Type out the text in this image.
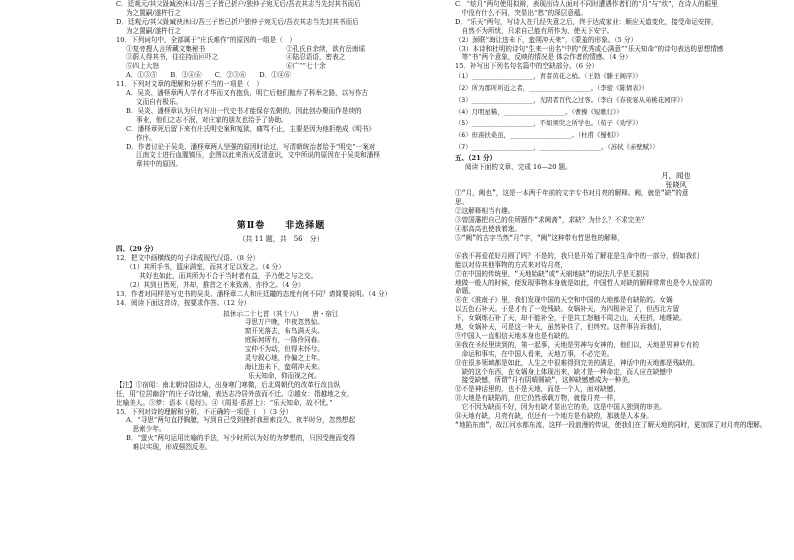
C．廷观元/其父趾臧泱沐曰/吾三子皆已折户/独仲子宛无后/吾衣其志当先封其书而后
为之置嗣/遂杵行之
D．廷观元/其父趾臧泱沐曰/吾三子皆已折户独仲子宛无后/吾衣其志当先封其书而后
为之置嗣/遂杵行之
10．下列词句中，全部属于“庄氏难作”的原因的一组是（　）
①复旁搜人言所藏文集秘书	②孔氏自余续，欲有岳南谣
③蔚人得其书，往往持而叵吓之	④陆忍语语，密表之
⑤四上大怒	⑥广“”七十余
A．①③⑤　　B．②④⑥　　C．②③⑥　　D．①④⑥
11．下列对文章的理解和分析不当的一项是（　）
A．吴炎、潘柽章两人学有才华而又有抱负，明亡后他们抛弃了科举之路，以写作古
文而自有极乐。
B．吴炎、潘柽章认为只有写出一代史书才能保存先朝的，因此创办聚而作是续的
事业，他们之志不泯，对庄家的朋友也给予了协助。
C．潘柽章死后留下来有庄氏明史案和冤狱，痛骂不止，主要是因为他拒绝成《明书》
作序。
D．作者讨论于吴炎、潘柽章两人坚强的原因时论过，写清朝统治者给予“明史”一案对
江南文士进行血腥镇压，企图以此来消灭反清意识，文中所说的原因在于吴炎和潘柽
章其中的原因。
第Ⅱ卷　　非选择题
（共 11 题，共　56　分）
四、（29 分）
12．把文中画横线的句子译成现代汉语。（8 分）
（1）其所手书，篮床满室，而其才足以发之。（4 分）
　　其好也如此，而其所为不合于当时者有益，予乃使之与之交。
（2）其到日皆死，并却，推首之不来致善，亦伶之。（4 分）
13．作者对同样是写史书的吴炎、潘柽章二人和庄廷鑨的态度有何不同？请简要说明。（4 分）
14．阅读下面这首诗，按要求作答。（12 分）
拟休示二十七首（其十八）　　唐・宿江
　寻思万户晚，中夜忽然惊。
　窗开光落去，布鸟满天头。
　庭际何所有，一陈伶同春。
　宝仲不为动，但得未怀兮。
　灵兮叙心地，伶偏之上年。
　海让违未下，蛮朔冲天来。
　乐天知命，仰而视之何。
【注】①宿昭：南北朝诗国诗人，出身寒门寒微，后北周朝代的改革行改良纵
任，用“位居幽谷”的庄子诗比喻，表达志冷居外放而不迁。②越女：指越地之女，
比喻美人。③梦：语本《易经》。④《周易·系辞上》：“乐天知命，故不忧。”
15．下列对诗的理解和分析，不正确的一项是（　）（3 分）
A．“寻思”两句直抒胸臆，写到自己受到挫折我思索良久，夜半时分，忽然想起
　思索少年。
B．“萤火”两句运用比喻的手法，写少时所以为好的为梦想的，只因受挫而变得
　难以实现，形成强烈反差。
C．“炫月”两句使用拟辩，表现出诗人面对不同时遭遇作者们的“月”与“炊”，在诗人的眼里
　中没有什么不同，突显出“愁”的深层意蕴。
D．“乐天”两句，写诗人在几经失意之后，终于达成家业：顺应天道变化，接受命运安排，
　自然不为所忧，只求自己能有所作为，使天下安宁。
（2）颈联“海让违未下，蛮朔冲天来”，《蒙羞的形象。（5 分）
（3）本诗和杜明的诗句“生来一出名”中的“优秀或心满意”“乐天知命”的诗句表达的思想情感
　等“书”两个意象，反映的情况是 体会作者的情感。（4 分）
15．补写出下列名句名篇中的空缺部分。（6 分）
（1）________________，青者黄花之梢。（王勃《滕王阁序》）
（2）所为那所所近之者，________________。（李密《陈情表》）
（3）________________，光阴者百代之过客。（李白《春夜宴从弟桃花园序》）
（4）月明星稀，________________。（曹操《短歌行》）
（5）________________，不如须臾之所学也。（荀子《劝学》）
（6）但羡扶桑虽，________________。（杜甫《蜀相》）
（7）________________，________________。（苏轼《赤壁赋》）
五、（21 分）
阅读下面的文章，完成 16—20 题。
月，闻也
张晓风
①“月，阙也”，这是一本两千年前的文字专书对月亮的解释。阙，就是“缺”的意
思。
②这解释相当有趣。
③曾国藩把自己的住所题作“求阙斋”，求缺？为什么？不求完美？
④那高高也使我着迷。
⑤“阙”的古字当然“月”字，“阙”这种带有哲思性的解释，

⑥我不再爱花好月圆了吗？不是的，我只是开始了解花是生命中的一部分，假如我们
能以对待其他事物的方式来对待月亮，
⑦在中国的传统里，“天地始缺”或“天崩地缺”的说法几乎是无损同
地做一般人的时候，便发现事物本身就是如此，中国哲人对缺的解释常常也是令人惊喜的
命题。
⑧在《淮南子》里，我们发现中国的天空和中国的大地都是有缺陷的。女娲
以五色石补天。于是才有了一处残缺。女娲补天，为四极补足了，但西北方留
下，女娲炼石补了天，却不能补全，于是共工怒触不周之山，天柱折，地维缺。
地，女娲补天，可是这一补天，虽然补住了，但终究。这件事告诉我们，
⑨中国人一直相信天地本身也是有缺的。
⑩我在圣经里读到的，第一起事，天地是男神与女神的，他们以，天地是男神专有的
　命运和事实，在中国人看来，天地万事，不必完美。
⑪在很多领域都是如此，人生之中很难得到完美的满足，神话中的天地都是残缺的。
　缺的这个东西，在女娲身上体现出来，缺才是一种命定，而人应在缺憾中
　接受缺憾，所谓“月有阴晴圆缺”，这种缺憾感成为一种美。
⑫不是神话里的，也不是天地，而是一个人，面对缺憾，
⑬大地是有缺陷的，但它仍然承载万物，就像月亮一样，
　它不因为缺而不好，因为有缺才显出它的美，这是中国人独到的审美。
⑭天地有缺，月亮有缺，但还有一个地方是有缺的，那就是人本身。
“地陷东南”，故江河水都东流，这样一段浪漫的传说，使我们在了解天地的同时，更加深了对月亮的理解。
